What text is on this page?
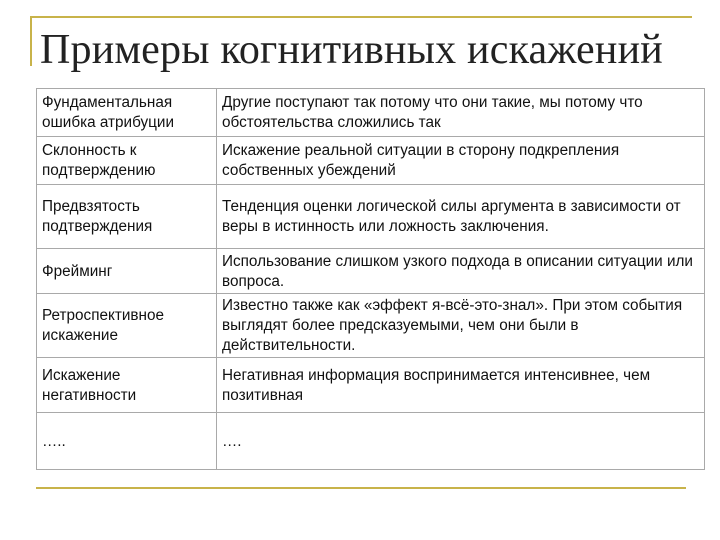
Примеры когнитивных искажений
Фундаментальная ошибка атрибуции	Другие поступают так потому что они такие, мы потому что обстоятельства сложились так
Склонность к подтверждению	Искажение реальной ситуации в сторону подкрепления собственных убеждений
Предвзятость подтверждения	Тенденция оценки логической силы аргумента в зависимости от веры в истинность или ложность заключения.
Фрейминг	Использование слишком узкого подхода в описании ситуации или вопроса.
Ретроспективное искажение	Известно также как «эффект я-всё-это-знал». При этом события выглядят более предсказуемыми, чем они были в действительности.
Искажение негативности	Негативная информация воспринимается интенсивнее, чем позитивная
…..	….
